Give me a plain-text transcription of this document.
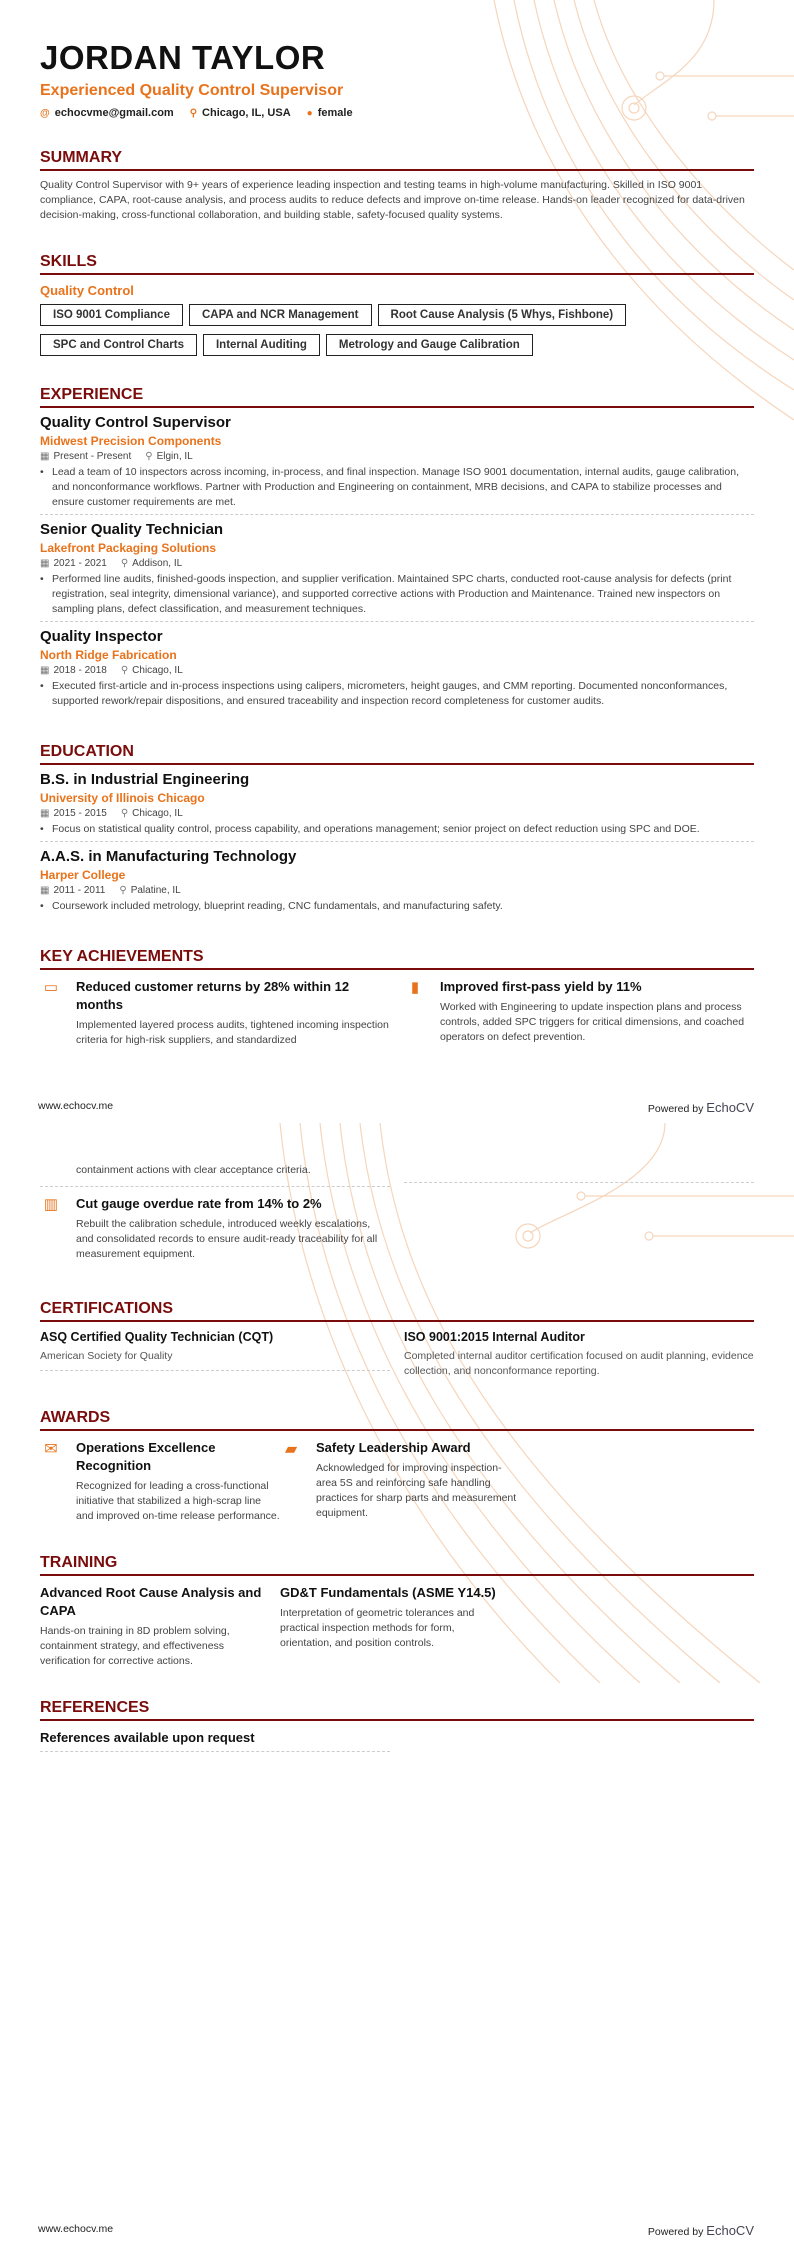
JORDAN TAYLOR
Experienced Quality Control Supervisor
@ echocvme@gmail.com ⚲ Chicago, IL, USA ● female
SUMMARY
Quality Control Supervisor with 9+ years of experience leading inspection and testing teams in high-volume manufacturing. Skilled in ISO 9001 compliance, CAPA, root-cause analysis, and process audits to reduce defects and improve on-time release. Hands-on leader recognized for data-driven decision-making, cross-functional collaboration, and building stable, safety-focused quality systems.
SKILLS
Quality Control
ISO 9001 Compliance	CAPA and NCR Management	Root Cause Analysis (5 Whys, Fishbone)
SPC and Control Charts	Internal Auditing	Metrology and Gauge Calibration
EXPERIENCE
Quality Control Supervisor
Midwest Precision Components
▦ Present - Present ⚲ Elgin, IL
• Lead a team of 10 inspectors across incoming, in-process, and final inspection. Manage ISO 9001 documentation, internal audits, gauge calibration, and nonconformance workflows. Partner with Production and Engineering on containment, MRB decisions, and CAPA to stabilize processes and ensure customer requirements are met.
Senior Quality Technician
Lakefront Packaging Solutions
▦ 2021 - 2021 ⚲ Addison, IL
• Performed line audits, finished-goods inspection, and supplier verification. Maintained SPC charts, conducted root-cause analysis for defects (print registration, seal integrity, dimensional variance), and supported corrective actions with Production and Maintenance. Trained new inspectors on sampling plans, defect classification, and measurement techniques.
Quality Inspector
North Ridge Fabrication
▦ 2018 - 2018 ⚲ Chicago, IL
• Executed first-article and in-process inspections using calipers, micrometers, height gauges, and CMM reporting. Documented nonconformances, supported rework/repair dispositions, and ensured traceability and inspection record completeness for customer audits.
EDUCATION
B.S. in Industrial Engineering
University of Illinois Chicago
▦ 2015 - 2015 ⚲ Chicago, IL
• Focus on statistical quality control, process capability, and operations management; senior project on defect reduction using SPC and DOE.
A.A.S. in Manufacturing Technology
Harper College
▦ 2011 - 2011 ⚲ Palatine, IL
• Coursework included metrology, blueprint reading, CNC fundamentals, and manufacturing safety.
KEY ACHIEVEMENTS
▭	Reduced customer returns by 28% within 12 months
Implemented layered process audits, tightened incoming inspection criteria for high-risk suppliers, and standardized
▮	Improved first-pass yield by 11%
Worked with Engineering to update inspection plans and process controls, added SPC triggers for critical dimensions, and coached operators on defect prevention.
www.echocv.me	Powered by EchoCV
containment actions with clear acceptance criteria.
▥	Cut gauge overdue rate from 14% to 2%
Rebuilt the calibration schedule, introduced weekly escalations, and consolidated records to ensure audit-ready traceability for all measurement equipment.
CERTIFICATIONS
ASQ Certified Quality Technician (CQT)
American Society for Quality
ISO 9001:2015 Internal Auditor
Completed internal auditor certification focused on audit planning, evidence collection, and nonconformance reporting.
AWARDS
✉	Operations Excellence Recognition
Recognized for leading a cross-functional initiative that stabilized a high-scrap line and improved on-time release performance.
▰	Safety Leadership Award
Acknowledged for improving inspection-area 5S and reinforcing safe handling practices for sharp parts and measurement equipment.
TRAINING
Advanced Root Cause Analysis and CAPA
Hands-on training in 8D problem solving, containment strategy, and effectiveness verification for corrective actions.
GD&T Fundamentals (ASME Y14.5)
Interpretation of geometric tolerances and practical inspection methods for form, orientation, and position controls.
REFERENCES
References available upon request
www.echocv.me	Powered by EchoCV
